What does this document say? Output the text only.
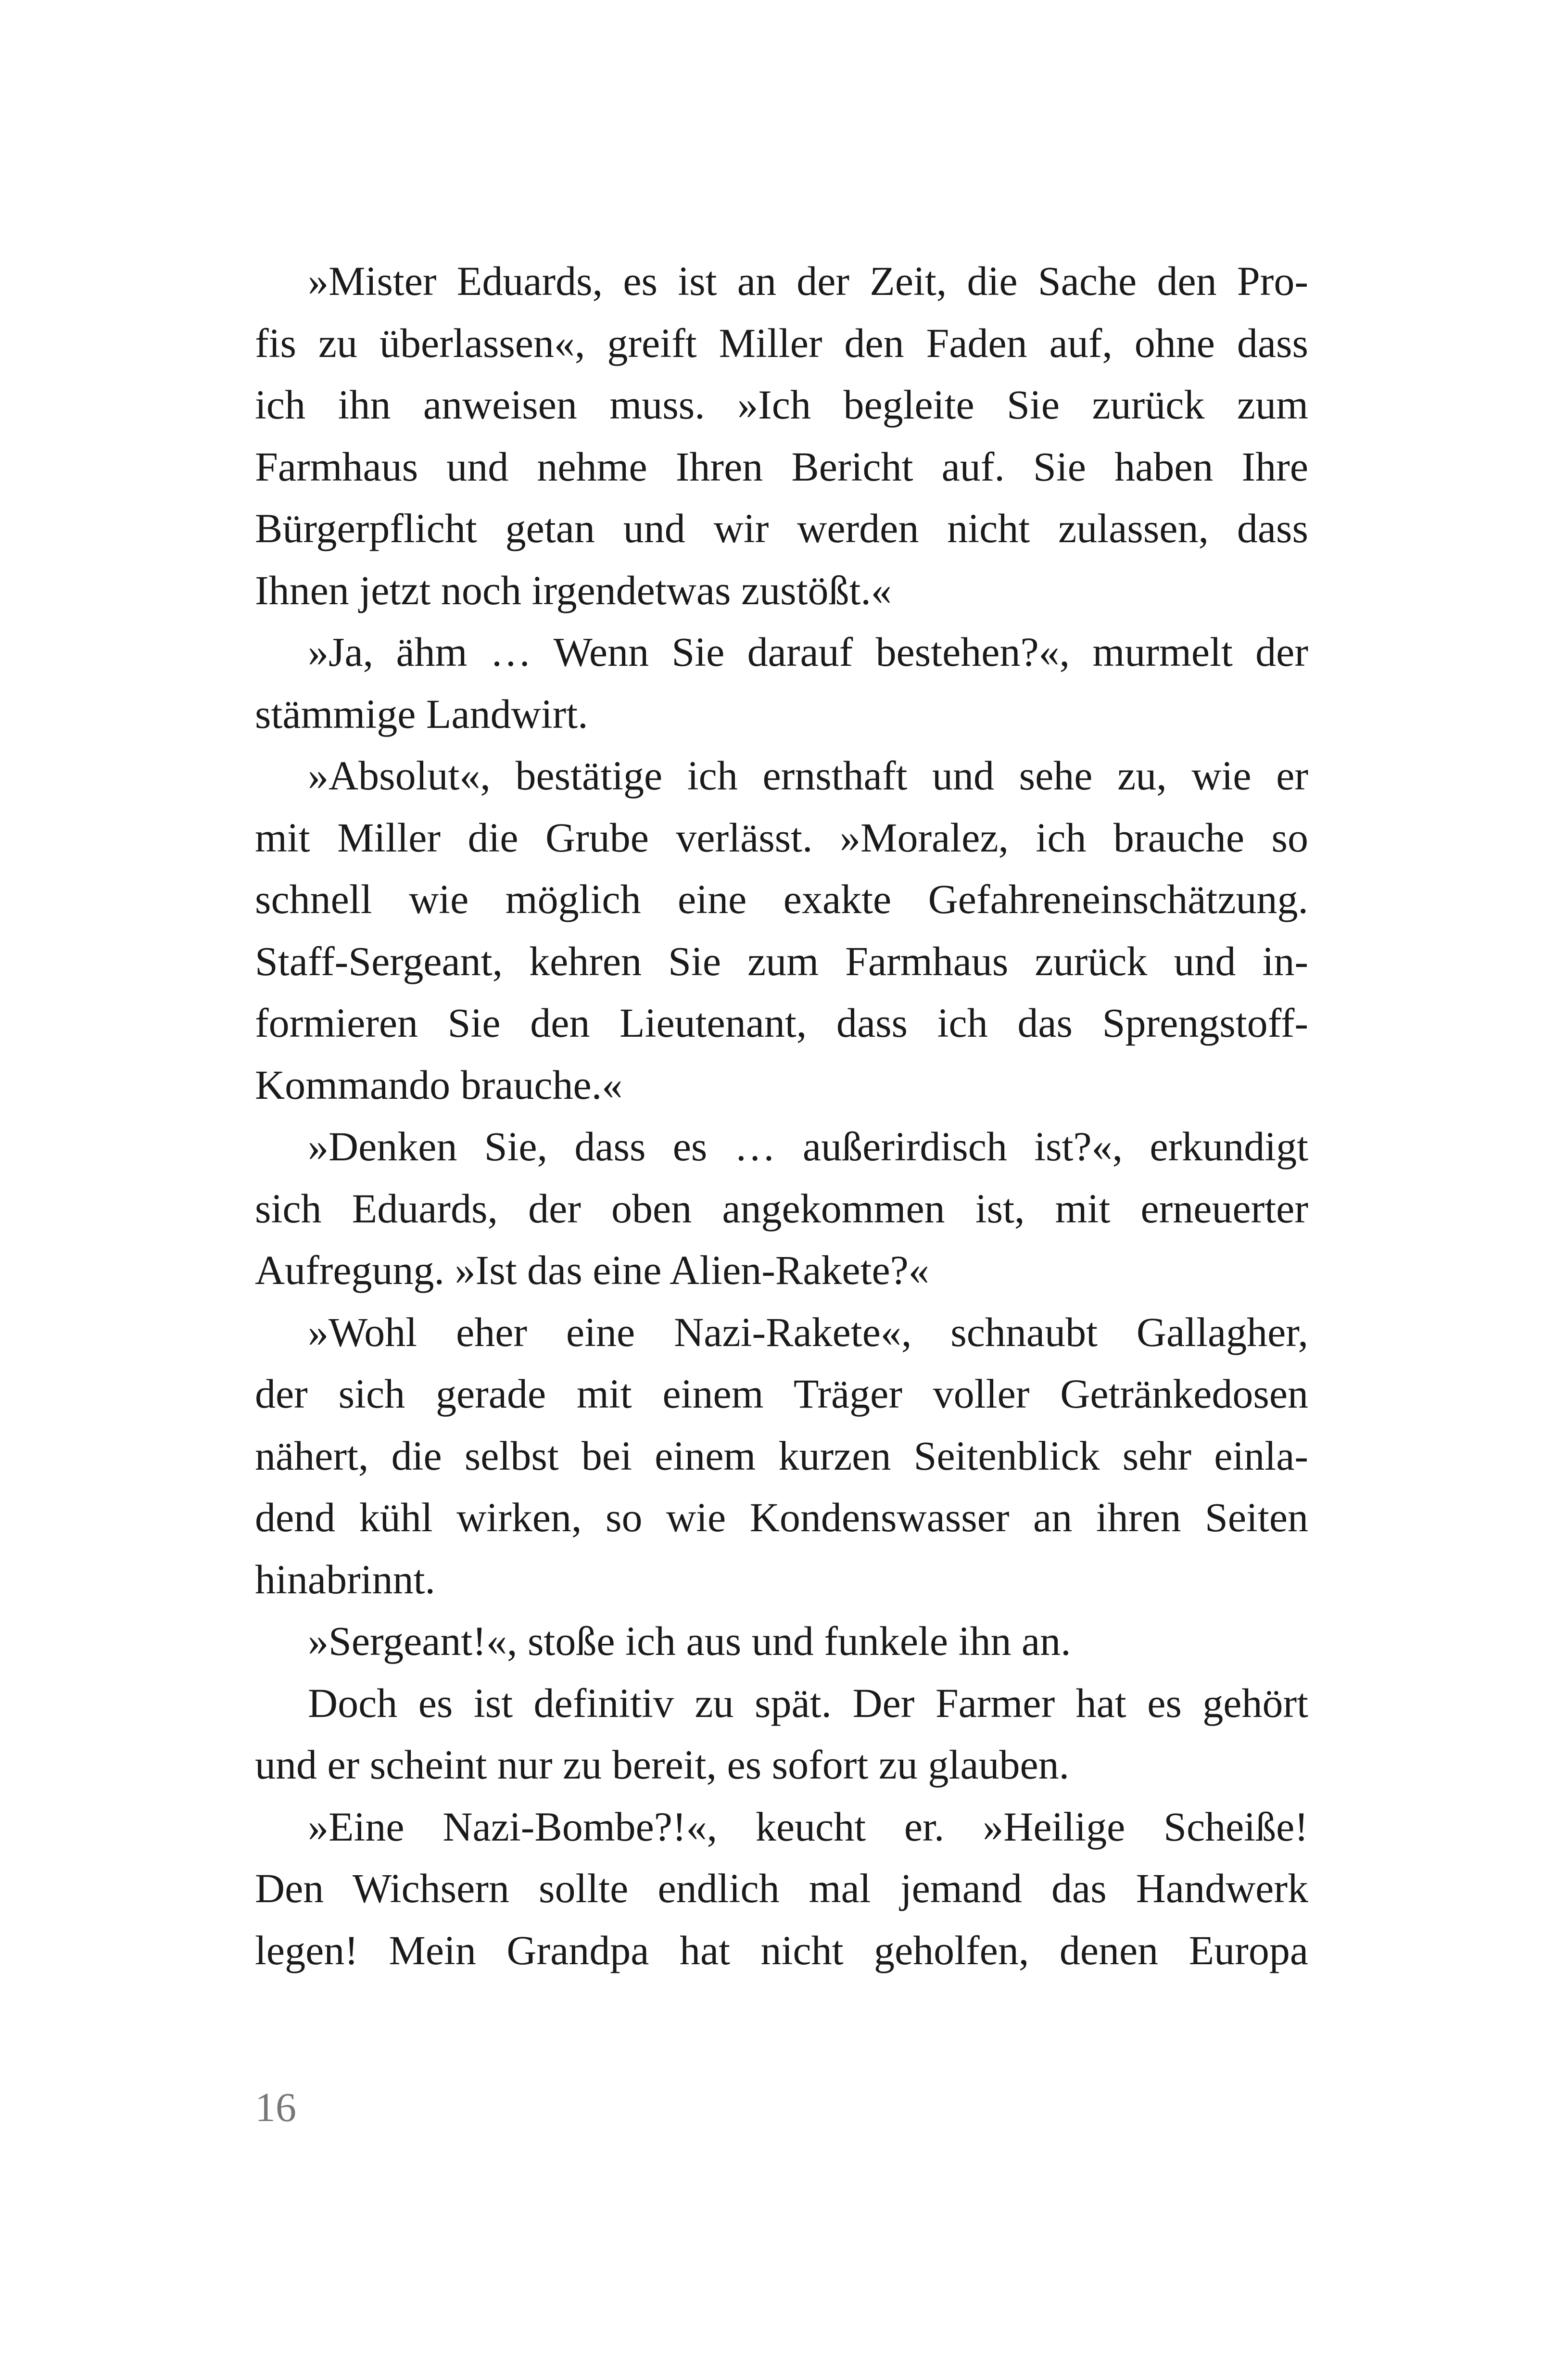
»Mister Eduards, es ist an der Zeit, die Sache den Pro-
fis zu überlassen«, greift Miller den Faden auf, ohne dass
ich ihn anweisen muss. »Ich begleite Sie zurück zum
Farmhaus und nehme Ihren Bericht auf. Sie haben Ihre
Bürgerpflicht getan und wir werden nicht zulassen, dass
Ihnen jetzt noch irgendetwas zustößt.«
»Ja, ähm … Wenn Sie darauf bestehen?«, murmelt der
stämmige Landwirt.
»Absolut«, bestätige ich ernsthaft und sehe zu, wie er
mit Miller die Grube verlässt. »Moralez, ich brauche so
schnell wie möglich eine exakte Gefahreneinschätzung.
Staff-Sergeant, kehren Sie zum Farmhaus zurück und in-
formieren Sie den Lieutenant, dass ich das Sprengstoff-
Kommando brauche.«
»Denken Sie, dass es … außerirdisch ist?«, erkundigt
sich Eduards, der oben angekommen ist, mit erneuerter
Aufregung. »Ist das eine Alien-Rakete?«
»Wohl eher eine Nazi-Rakete«, schnaubt Gallagher,
der sich gerade mit einem Träger voller Getränkedosen
nähert, die selbst bei einem kurzen Seitenblick sehr einla-
dend kühl wirken, so wie Kondenswasser an ihren Seiten
hinabrinnt.
»Sergeant!«, stoße ich aus und funkele ihn an.
Doch es ist definitiv zu spät. Der Farmer hat es gehört
und er scheint nur zu bereit, es sofort zu glauben.
»Eine Nazi-Bombe?!«, keucht er. »Heilige Scheiße!
Den Wichsern sollte endlich mal jemand das Handwerk
legen! Mein Grandpa hat nicht geholfen, denen Europa
16
